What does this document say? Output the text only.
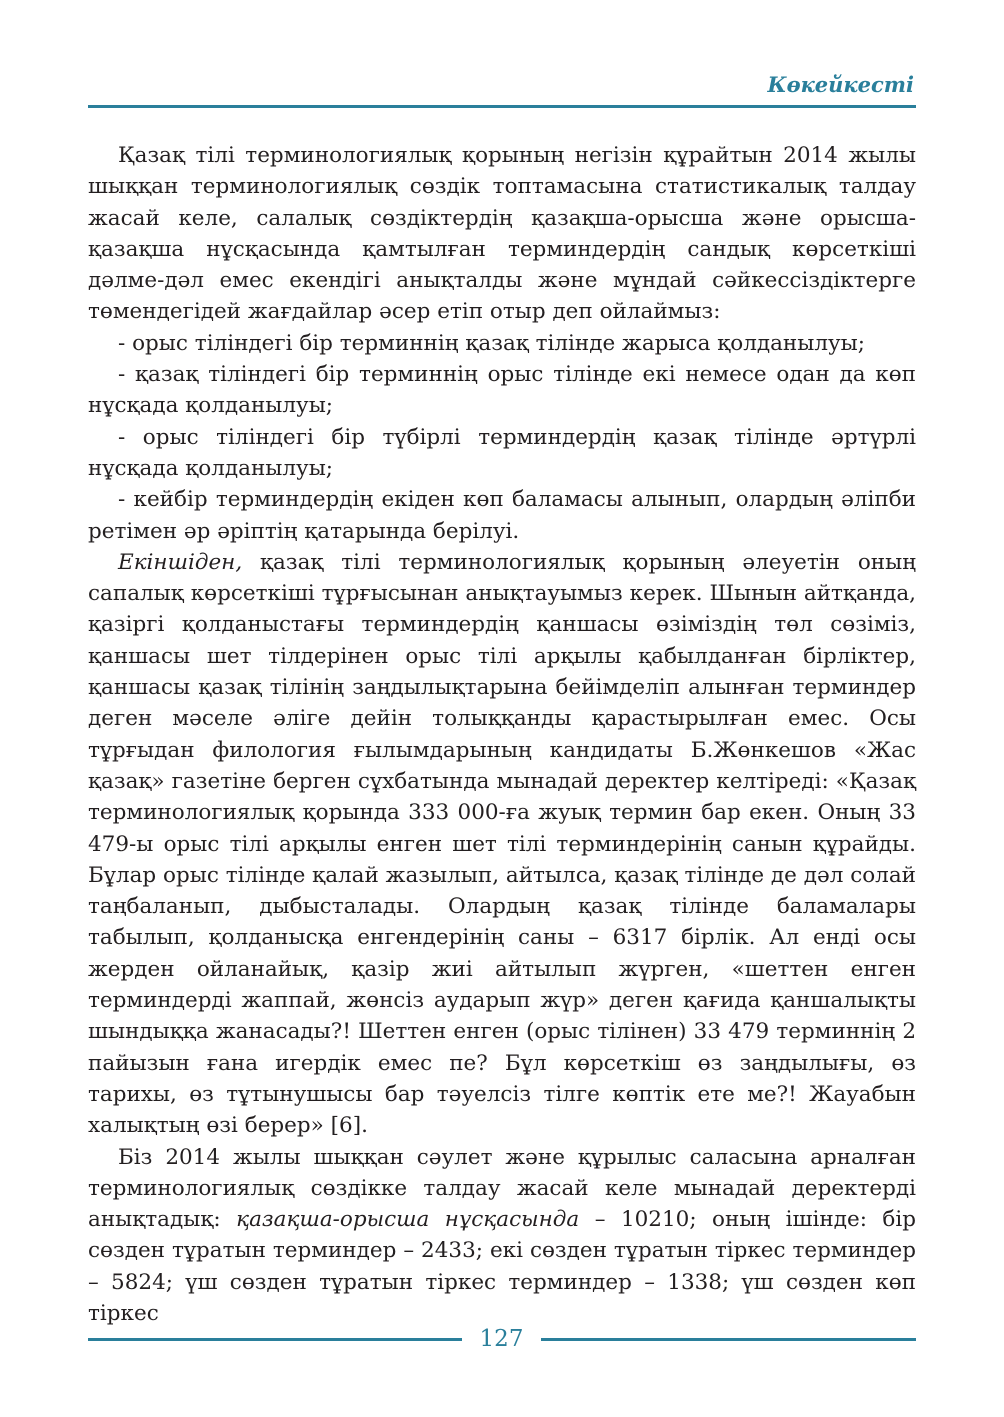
Көкейкесті

Қазақ тілі терминологиялық қорының негізін құрайтын 2014 жылы шыққан терминологиялық сөздік топтамасына статистикалық талдау жасай келе, салалық сөздіктердің қазақша-орысша және орысша-қазақша нұсқасында қамтылған терминдердің сандық көрсеткіші дәлме-дәл емес екендігі анықталды және мұндай сәйкессіздіктерге төмендегідей жағдайлар әсер етіп отыр деп ойлаймыз:

- орыс тіліндегі бір терминнің қазақ тілінде жарыса қолданылуы;

- қазақ тіліндегі бір терминнің орыс тілінде екі немесе одан да көп нұсқада қолданылуы;

- орыс тіліндегі бір түбірлі терминдердің қазақ тілінде әртүрлі нұсқада қолданылуы;

- кейбір терминдердің екіден көп баламасы алынып, олардың әліпби ретімен әр әріптің қатарында берілуі.

Екіншіден, қазақ тілі терминологиялық қорының әлеуетін оның сапалық көрсеткіші тұрғысынан анықтауымыз керек. Шынын айтқанда, қазіргі қолданыстағы терминдердің қаншасы өзіміздің төл сөзіміз, қаншасы шет тілдерінен орыс тілі арқылы қабылданған бірліктер, қаншасы қазақ тілінің заңдылықтарына бейімделіп алынған терминдер деген мәселе әліге дейін толыққанды қарастырылған емес. Осы тұрғыдан филология ғылымдарының кандидаты Б.Жөнкешов «Жас қазақ» газетіне берген сұхбатында мынадай деректер келтіреді: «Қазақ терминологиялық қорында 333 000-ға жуық термин бар екен. Оның 33 479-ы орыс тілі арқылы енген шет тілі терминдерінің санын құрайды. Бұлар орыс тілінде қалай жазылып, айтылса, қазақ тілінде де дәл солай таңбаланып, дыбысталады. Олардың қазақ тілінде баламалары табылып, қолданысқа енгендерінің саны – 6317 бірлік. Ал енді осы жерден ойланайық, қазір жиі айтылып жүрген, «шеттен енген терминдерді жаппай, жөнсіз аударып жүр» деген қағида қаншалықты шындыққа жанасады?! Шеттен енген (орыс тілінен) 33 479 терминнің 2 пайызын ғана игердік емес пе? Бұл көрсеткіш өз заңдылығы, өз тарихы, өз тұтынушысы бар тәуелсіз тілге көптік ете ме?! Жауабын халықтың өзі берер» [6].

Біз 2014 жылы шыққан сәулет және құрылыс саласына арналған терминологиялық сөздікке талдау жасай келе мынадай деректерді анықтадық: қазақша-орысша нұсқасында – 10210; оның ішінде: бір сөзден тұратын терминдер – 2433; екі сөзден тұратын тіркес терминдер – 5824; үш сөзден тұратын тіркес терминдер – 1338; үш сөзден көп тіркес

127
